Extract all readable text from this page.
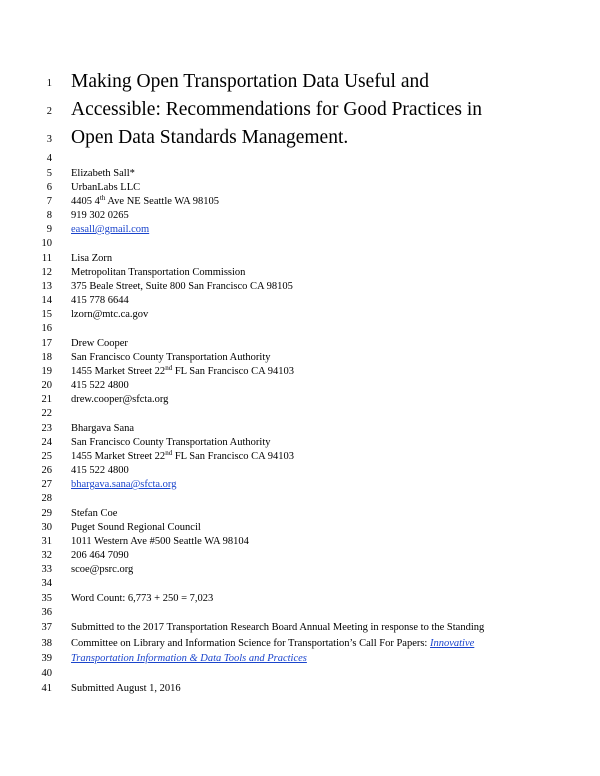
1
2
3
Making Open Transportation Data Useful and
Accessible: Recommendations for Good Practices in
Open Data Standards Management.
4
5 Elizabeth Sall*
6 UrbanLabs LLC
7 4405 4th Ave NE Seattle WA 98105
8 919 302 0265
9 easall@gmail.com
10
11 Lisa Zorn
12 Metropolitan Transportation Commission
13 375 Beale Street, Suite 800 San Francisco CA 98105
14 415 778 6644
15 lzorn@mtc.ca.gov
16
17 Drew Cooper
18 San Francisco County Transportation Authority
19 1455 Market Street 22nd FL San Francisco CA 94103
20 415 522 4800
21 drew.cooper@sfcta.org
22
23 Bhargava Sana
24 San Francisco County Transportation Authority
25 1455 Market Street 22nd FL San Francisco CA 94103
26 415 522 4800
27 bhargava.sana@sfcta.org
28
29 Stefan Coe
30 Puget Sound Regional Council
31 1011 Western Ave #500 Seattle WA 98104
32 206 464 7090
33 scoe@psrc.org
34
35 Word Count: 6,773 + 250 = 7,023
36
37 Submitted to the 2017 Transportation Research Board Annual Meeting in response to the Standing
38 Committee on Library and Information Science for Transportation’s Call For Papers: Innovative
39 Transportation Information & Data Tools and Practices
40
41 Submitted August 1, 2016
